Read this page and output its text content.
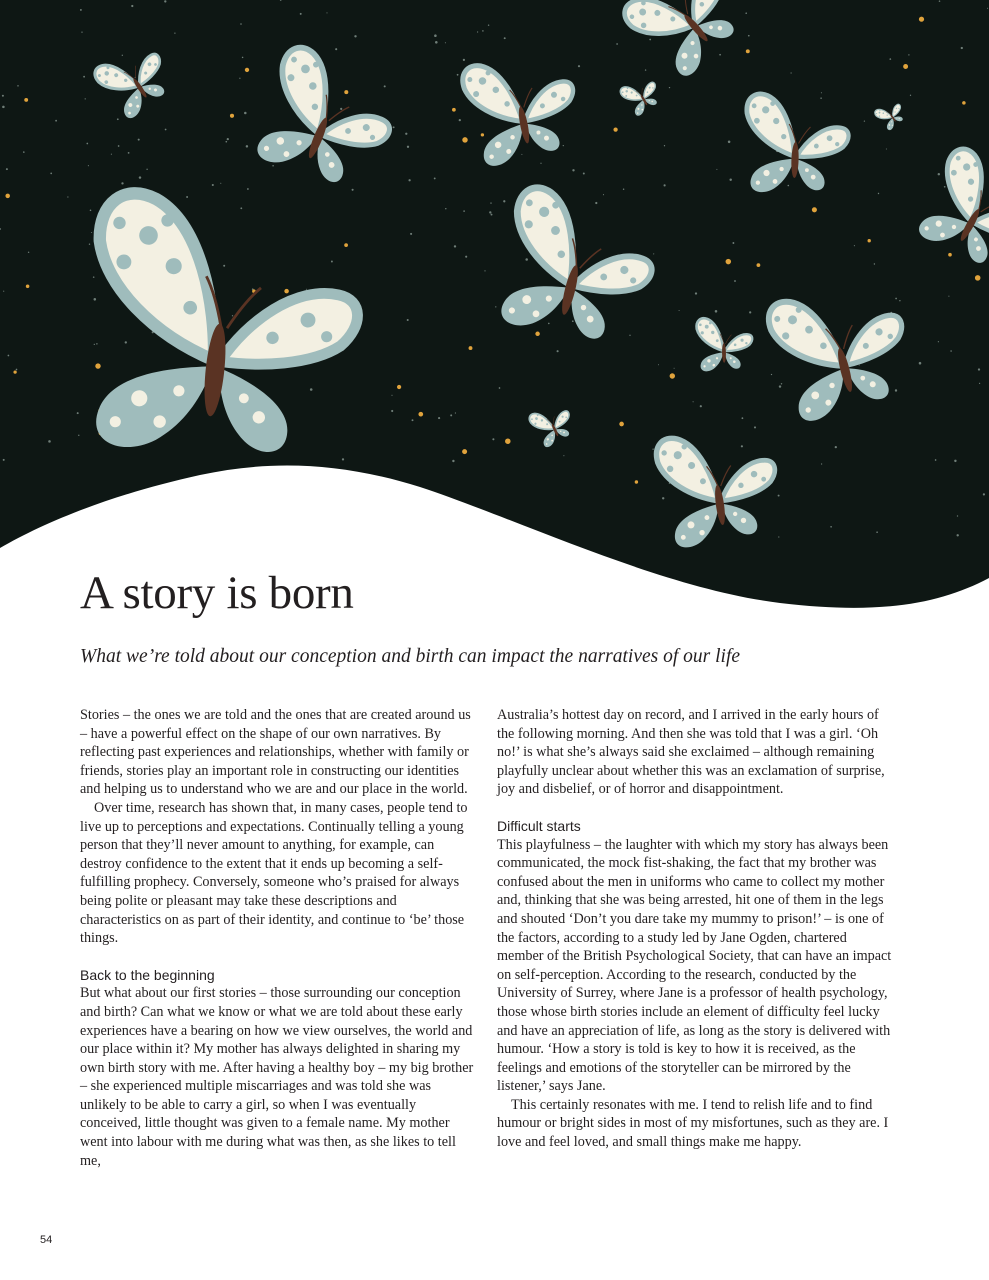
A story is born

What we’re told about our conception and birth can impact the narratives of our life

Stories – the ones we are told and the ones that are created around us – have a powerful effect on the shape of our own narratives. By reflecting past experiences and relationships, whether with family or friends, stories play an important role in constructing our identities and helping us to understand who we are and our place in the world.

Over time, research has shown that, in many cases, people tend to live up to perceptions and expectations. Continually telling a young person that they’ll never amount to anything, for example, can destroy confidence to the extent that it ends up becoming a self-fulfilling prophecy. Conversely, someone who’s praised for always being polite or pleasant may take these descriptions and characteristics on as part of their identity, and continue to ‘be’ those things.

Back to the beginning

But what about our first stories – those surrounding our conception and birth? Can what we know or what we are told about these early experiences have a bearing on how we view ourselves, the world and our place within it? My mother has always delighted in sharing my own birth story with me. After having a healthy boy – my big brother – she experienced multiple miscarriages and was told she was unlikely to be able to carry a girl, so when I was eventually conceived, little thought was given to a female name. My mother went into labour with me during what was then, as she likes to tell me,

Australia’s hottest day on record, and I arrived in the early hours of the following morning. And then she was told that I was a girl. ‘Oh no!’ is what she’s always said she exclaimed – although remaining playfully unclear about whether this was an exclamation of surprise, joy and disbelief, or of horror and disappointment.

Difficult starts

This playfulness – the laughter with which my story has always been communicated, the mock fist-shaking, the fact that my brother was confused about the men in uniforms who came to collect my mother and, thinking that she was being arrested, hit one of them in the legs and shouted ‘Don’t you dare take my mummy to prison!’ – is one of the factors, according to a study led by Jane Ogden, chartered member of the British Psychological Society, that can have an impact on self-perception. According to the research, conducted by the University of Surrey, where Jane is a professor of health psychology, those whose birth stories include an element of difficulty feel lucky and have an appreciation of life, as long as the story is delivered with humour. ‘How a story is told is key to how it is received, as the feelings and emotions of the storyteller can be mirrored by the listener,’ says Jane.

This certainly resonates with me. I tend to relish life and to find humour or bright sides in most of my misfortunes, such as they are. I love and feel loved, and small things make me happy.

54
